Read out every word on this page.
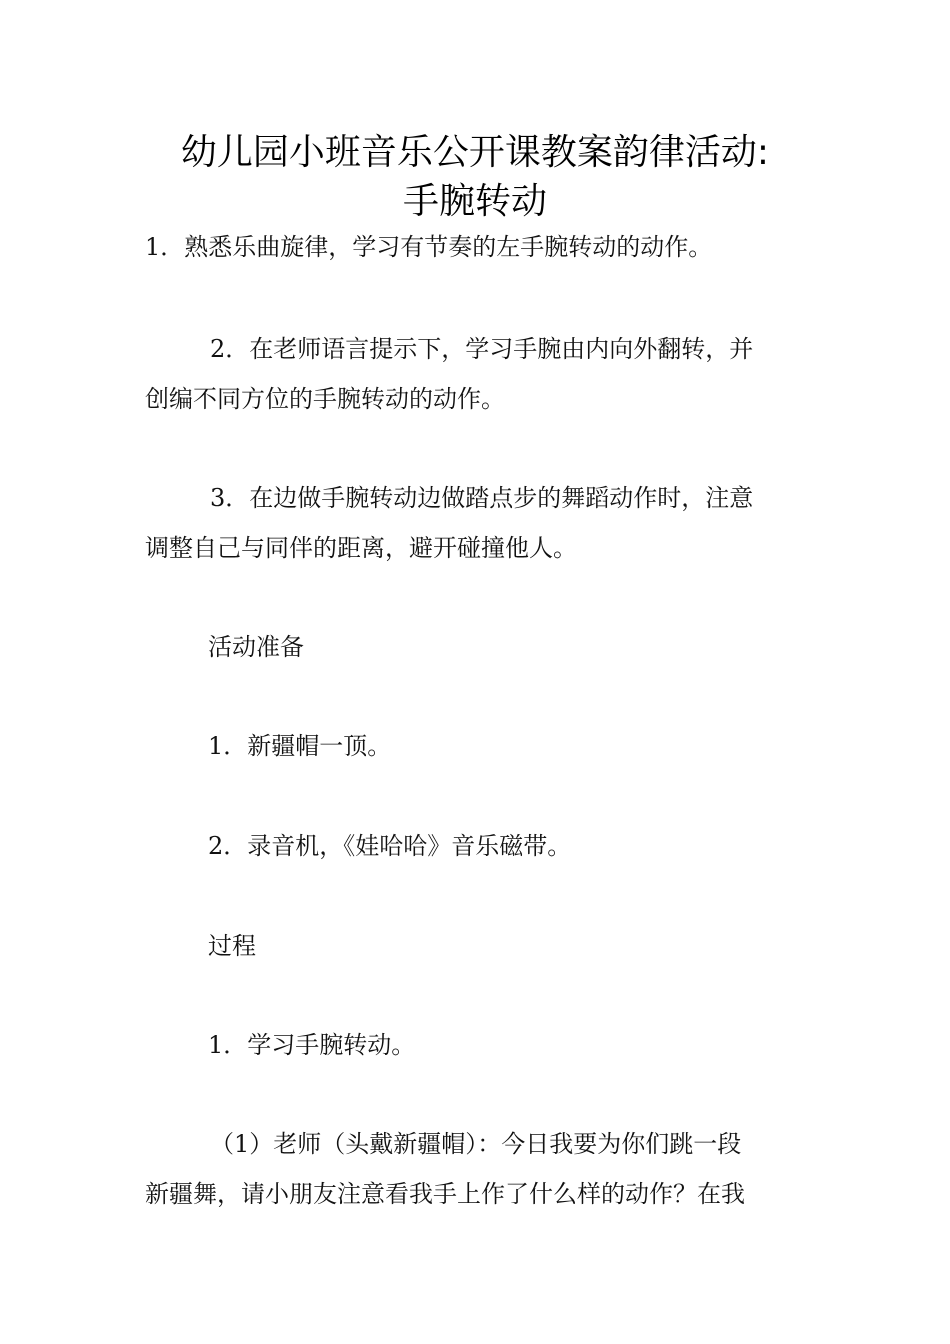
幼儿园小班音乐公开课教案韵律活动:
手腕转动

1．熟悉乐曲旋律，学习有节奏的左手腕转动的动作。

2．在老师语言提示下，学习手腕由内向外翻转，并

创编不同方位的手腕转动的动作。

3．在边做手腕转动边做踏点步的舞蹈动作时，注意

调整自己与同伴的距离，避开碰撞他人。

活动准备

1．新疆帽一顶。

2．录音机，《娃哈哈》音乐磁带。

过程

1．学习手腕转动。

（1）老师（头戴新疆帽）：今日我要为你们跳一段

新疆舞，请小朋友注意看我手上作了什么样的动作？在我
